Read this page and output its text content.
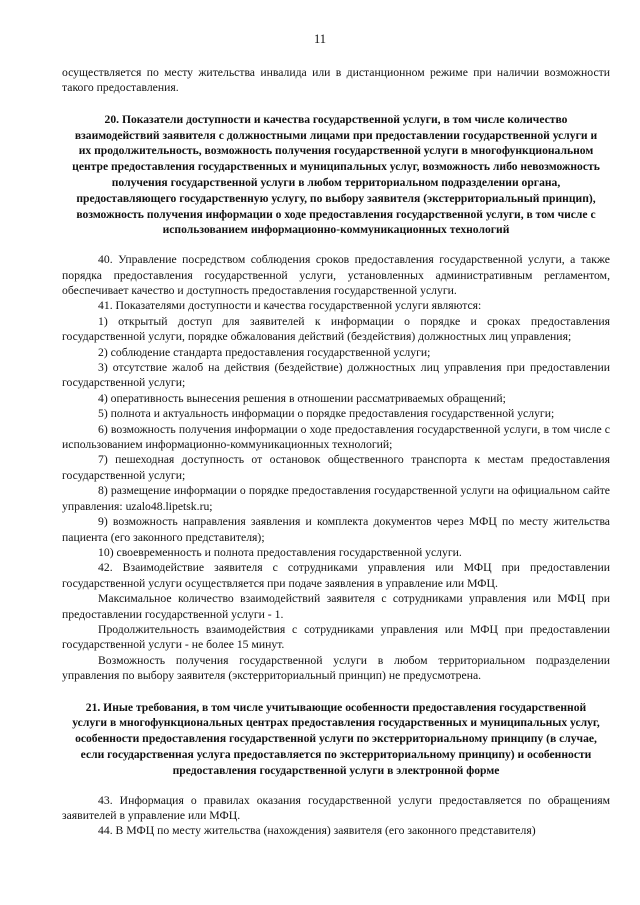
11

осуществляется по месту жительства инвалида или в дистанционном режиме при наличии возможности такого предоставления.

20. Показатели доступности и качества государственной услуги, в том числе количество взаимодействий заявителя с должностными лицами при предоставлении государственной услуги и их продолжительность, возможность получения государственной услуги в многофункциональном центре предоставления государственных и муниципальных услуг, возможность либо невозможность получения государственной услуги в любом территориальном подразделении органа, предоставляющего государственную услугу, по выбору заявителя (экстерриториальный принцип), возможность получения информации о ходе предоставления государственной услуги, в том числе с использованием информационно-коммуникационных технологий

40. Управление посредством соблюдения сроков предоставления государственной услуги, а также порядка предоставления государственной услуги, установленных административным регламентом, обеспечивает качество и доступность предоставления государственной услуги.

41. Показателями доступности и качества государственной услуги являются:

1) открытый доступ для заявителей к информации о порядке и сроках предоставления государственной услуги, порядке обжалования действий (бездействия) должностных лиц управления;

2) соблюдение стандарта предоставления государственной услуги;

3) отсутствие жалоб на действия (бездействие) должностных лиц управления при предоставлении государственной услуги;

4) оперативность вынесения решения в отношении рассматриваемых обращений;

5) полнота и актуальность информации о порядке предоставления государственной услуги;

6) возможность получения информации о ходе предоставления государственной услуги, в том числе с использованием информационно-коммуникационных технологий;

7) пешеходная доступность от остановок общественного транспорта к местам предоставления государственной услуги;

8) размещение информации о порядке предоставления государственной услуги на официальном сайте управления: uzalo48.lipetsk.ru;

9) возможность направления заявления и комплекта документов через МФЦ по месту жительства пациента (его законного представителя);

10) своевременность и полнота предоставления государственной услуги.

42. Взаимодействие заявителя с сотрудниками управления или МФЦ при предоставлении государственной услуги осуществляется при подаче заявления в управление или МФЦ.

Максимальное количество взаимодействий заявителя с сотрудниками управления или МФЦ при предоставлении государственной услуги - 1.

Продолжительность взаимодействия с сотрудниками управления или МФЦ при предоставлении государственной услуги - не более 15 минут.

Возможность получения государственной услуги в любом территориальном подразделении управления по выбору заявителя (экстерриториальный принцип) не предусмотрена.

21. Иные требования, в том числе учитывающие особенности предоставления государственной услуги в многофункциональных центрах предоставления государственных и муниципальных услуг, особенности предоставления государственной услуги по экстерриториальному принципу (в случае, если государственная услуга предоставляется по экстерриториальному принципу) и особенности предоставления государственной услуги в электронной форме

43. Информация о правилах оказания государственной услуги предоставляется по обращениям заявителей в управление или МФЦ.

44. В МФЦ по месту жительства (нахождения) заявителя (его законного представителя)
